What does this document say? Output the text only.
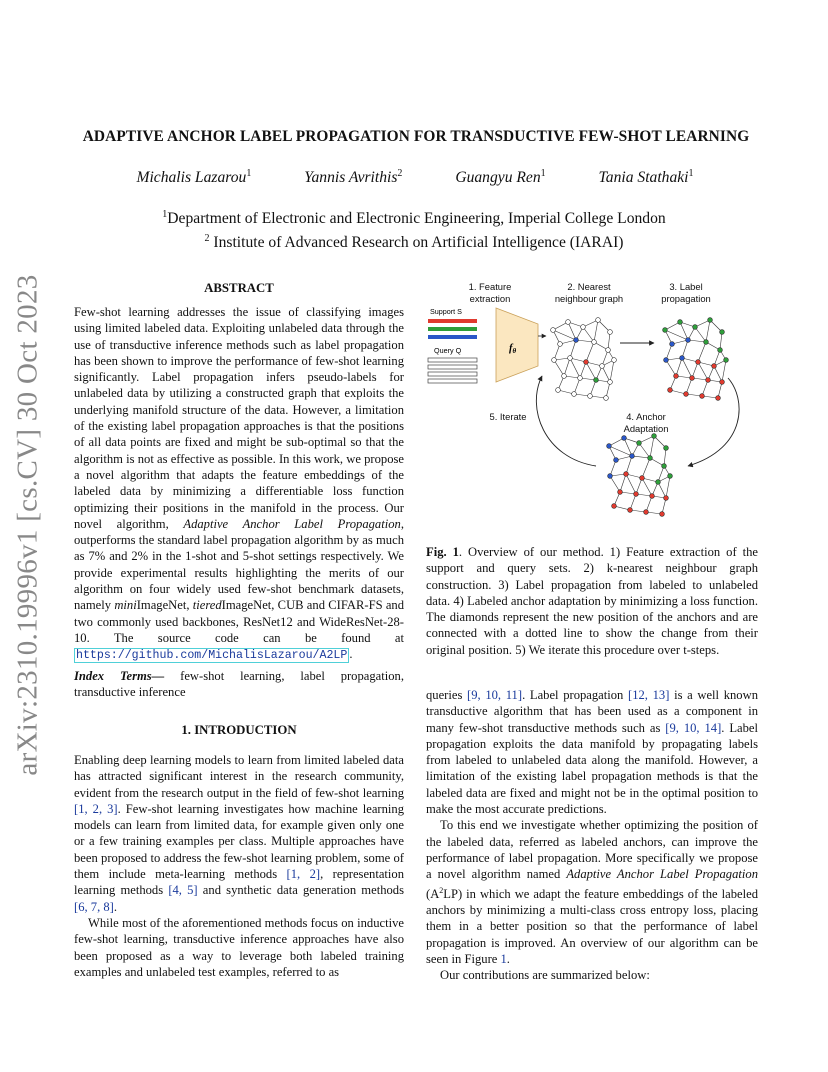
arXiv:2310.19996v1 [cs.CV] 30 Oct 2023
ADAPTIVE ANCHOR LABEL PROPAGATION FOR TRANSDUCTIVE FEW-SHOT LEARNING
Michalis Lazarou$^1$	Yannis Avrithis$^2$	Guangyu Ren$^1$	Tania Stathaki$^1$
$^1$Department of Electronic and Electronic Engineering, Imperial College London
$^2$ Institute of Advanced Research on Artificial Intelligence (IARAI)
ABSTRACT

Few-shot learning addresses the issue of classifying images using limited labeled data. Exploiting unlabeled data through the use of transductive inference methods such as label propagation has been shown to improve the performance of few-shot learning significantly. Label propagation infers pseudo-labels for unlabeled data by utilizing a constructed graph that exploits the underlying manifold structure of the data. However, a limitation of the existing label propagation approaches is that the positions of all data points are fixed and might be sub-optimal so that the algorithm is not as effective as possible. In this work, we propose a novel algorithm that adapts the feature embeddings of the labeled data by minimizing a differentiable loss function optimizing their positions in the manifold in the process. Our novel algorithm, Adaptive Anchor Label Propagation, outperforms the standard label propagation algorithm by as much as 7% and 2% in the 1-shot and 5-shot settings respectively. We provide experimental results highlighting the merits of our algorithm on four widely used few-shot benchmark datasets, namely miniImageNet, tieredImageNet, CUB and CIFAR-FS and two commonly used backbones, ResNet12 and WideResNet-28-10. The source code can be found at https://github.com/MichalisLazarou/A2LP .

Index Terms— few-shot learning, label propagation, transductive inference

1. INTRODUCTION

Enabling deep learning models to learn from limited labeled data has attracted significant interest in the research community, evident from the research output in the field of few-shot learning [1, 2, 3]. Few-shot learning investigates how machine learning models can learn from limited data, for example given only one or a few training examples per class. Multiple approaches have been proposed to address the few-shot learning problem, some of them include meta-learning methods [1, 2], representation learning methods [4, 5] and synthetic data generation methods [6, 7, 8].

While most of the aforementioned methods focus on inductive few-shot learning, transductive inference approaches have also been proposed as a way to leverage both labeled training examples and unlabeled test examples, referred to as

1. Feature
extraction
2. Nearest
neighbour graph
3. Label
propagation
4. Anchor
Adaptation
5. Iterate
Support S
Query Q	fθ

Fig. 1. Overview of our method. 1) Feature extraction of the support and query sets. 2) k-nearest neighbour graph construction. 3) Label propagation from labeled to unlabeled data. 4) Labeled anchor adaptation by minimizing a loss function. The diamonds represent the new position of the anchors and are connected with a dotted line to show the change from their original position. 5) We iterate this procedure over t-steps.

queries [9, 10, 11]. Label propagation [12, 13] is a well known transductive algorithm that has been used as a component in many few-shot transductive methods such as [9, 10, 14]. Label propagation exploits the data manifold by propagating labels from labeled to unlabeled data along the manifold. However, a limitation of the existing label propagation methods is that the labeled data are fixed and might not be in the optimal position to make the most accurate predictions.

To this end we investigate whether optimizing the position of the labeled data, referred as labeled anchors, can improve the performance of label propagation. More specifically we propose a novel algorithm named Adaptive Anchor Label Propagation $(A^2LP)$ in which we adapt the feature embeddings of the labeled anchors by minimizing a multi-class cross entropy loss, placing them in a better position so that the performance of label propagation is improved. An overview of our algorithm can be seen in Figure 1.

Our contributions are summarized below:
